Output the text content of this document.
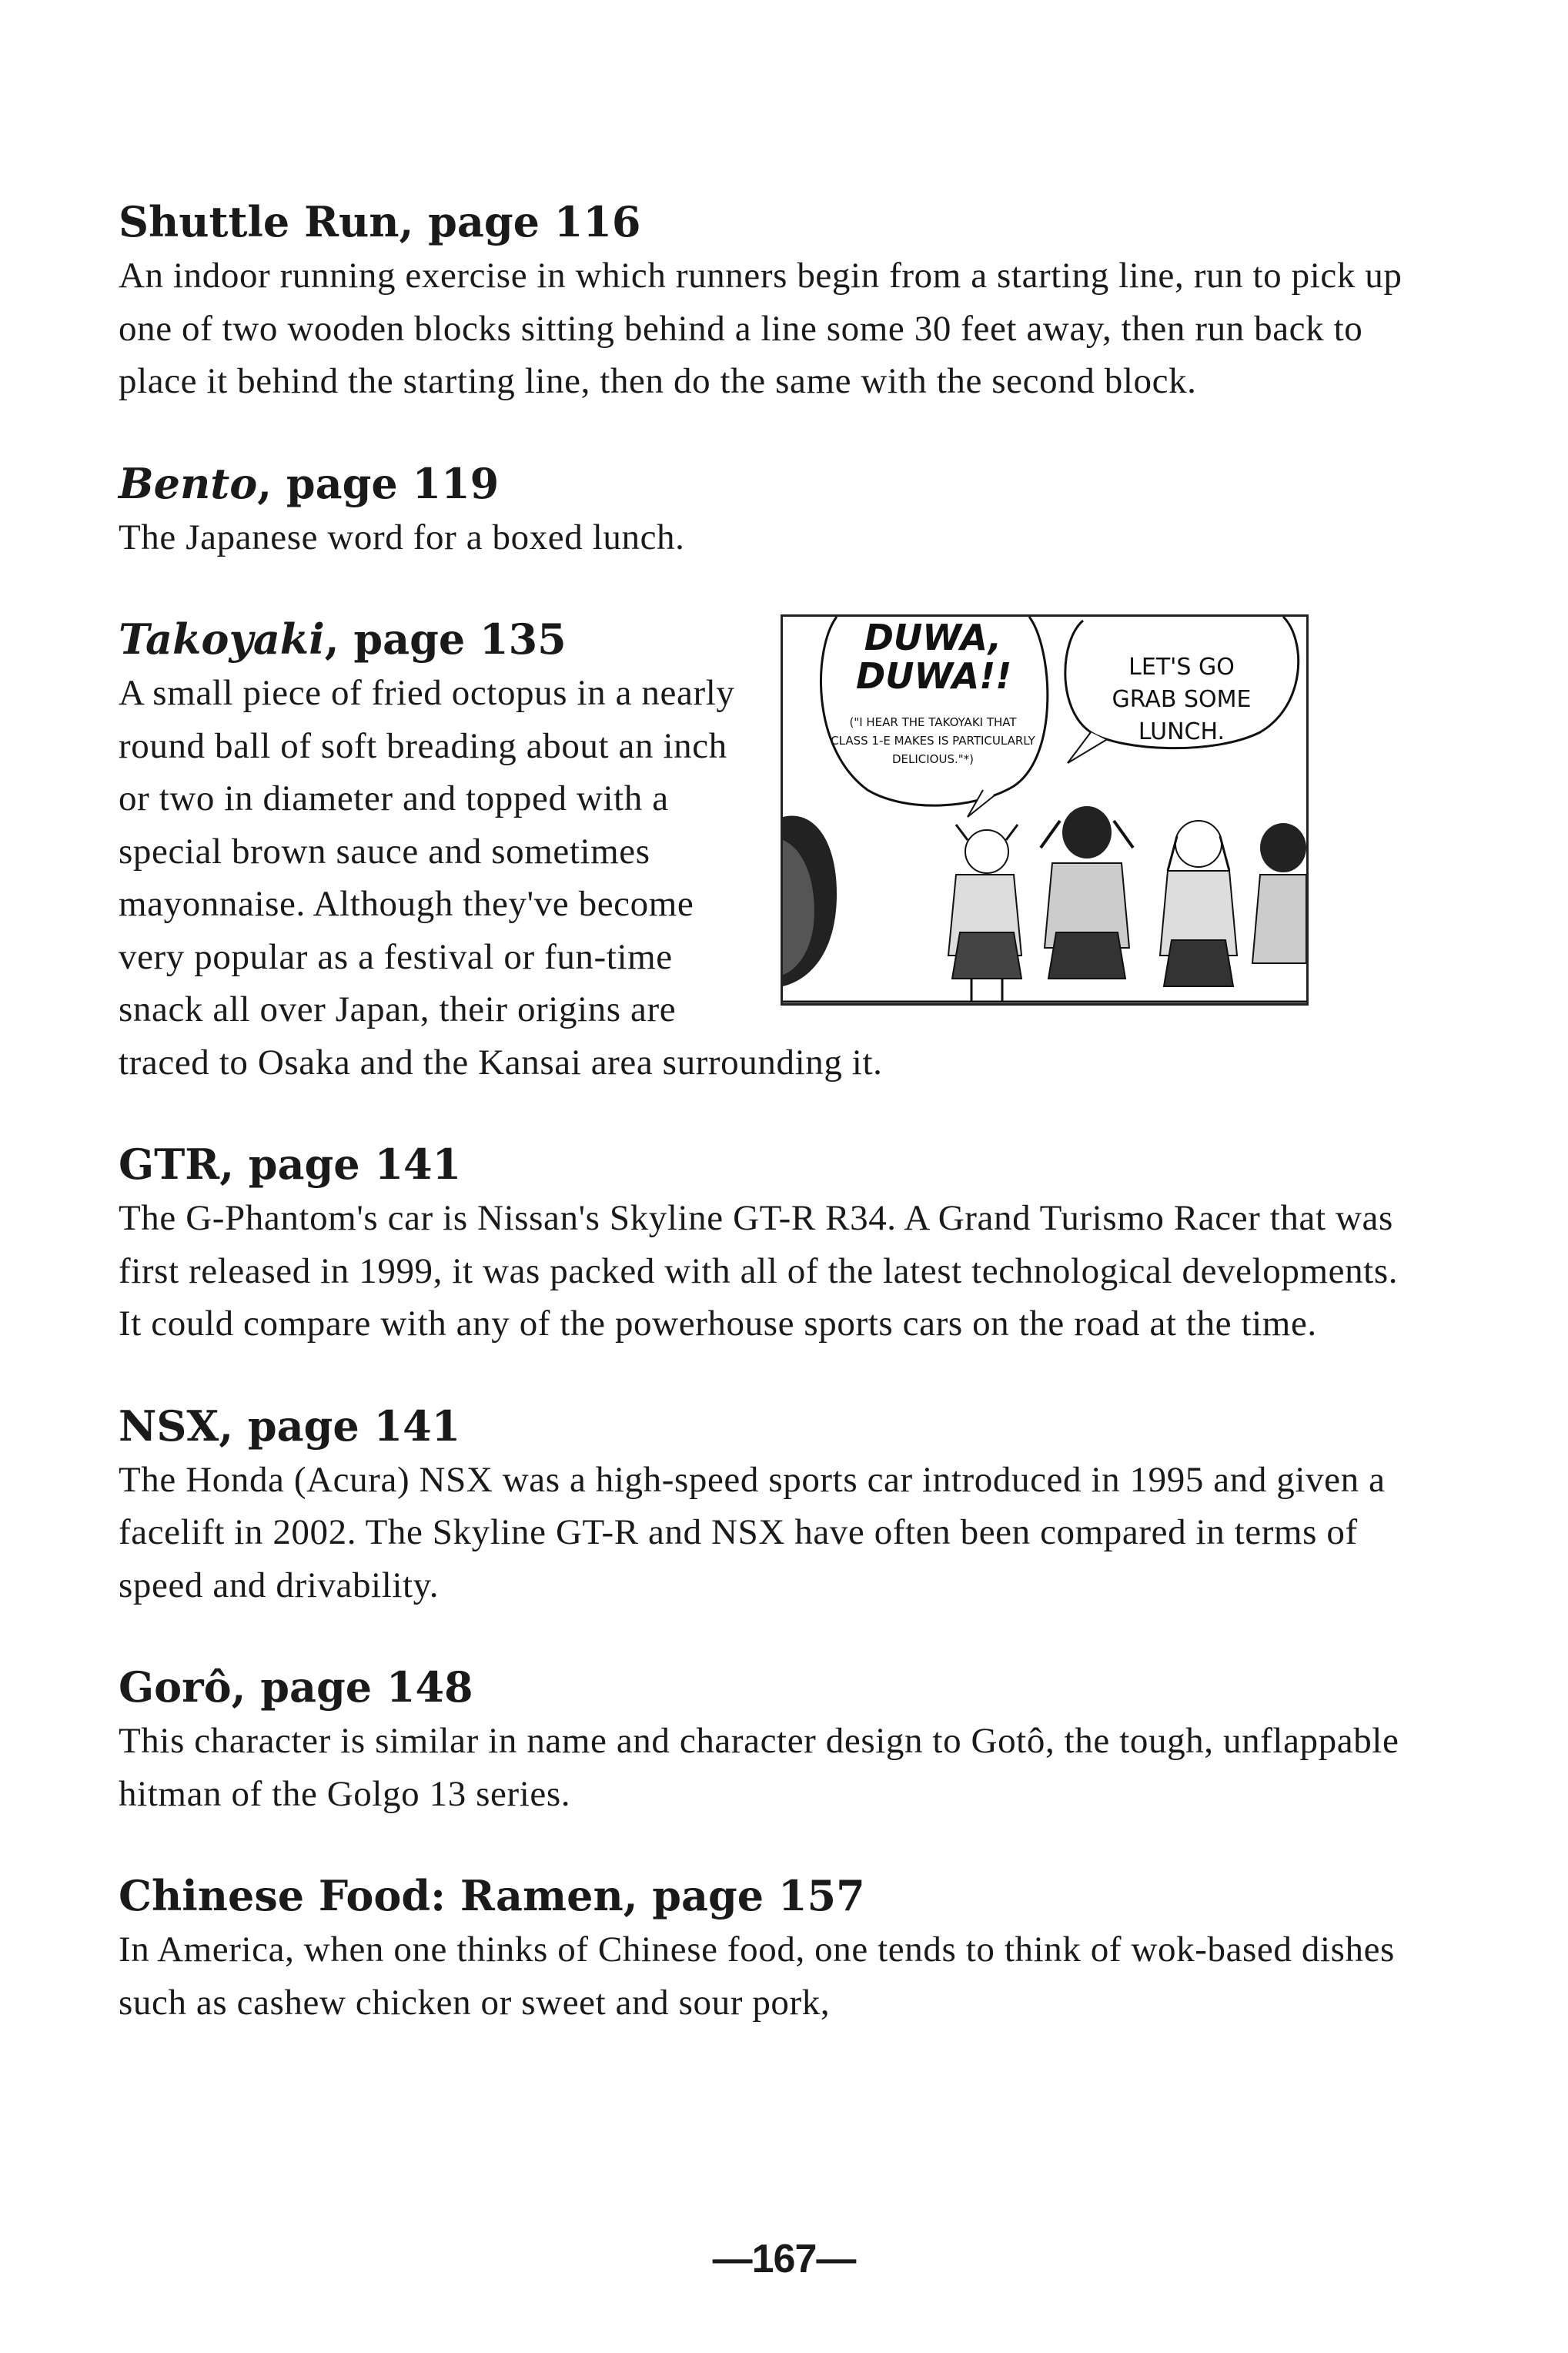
Shuttle Run, page 116

An indoor running exercise in which runners begin from a starting line, run to pick up one of two wooden blocks sitting behind a line some 30 feet away, then run back to place it behind the starting line, then do the same with the second block.

Bento, page 119

The Japanese word for a boxed lunch.

DUWA, DUWA!!
("I HEAR THE TAKOYAKI THAT CLASS 1-E MAKES IS PARTICULARLY DELICIOUS."*)
LET'S GO GRAB SOME LUNCH.

Takoyaki, page 135

A small piece of fried octopus in a nearly round ball of soft breading about an inch or two in diameter and topped with a special brown sauce and sometimes mayonnaise. Although they've become very popular as a festival or fun-time snack all over Japan, their origins are traced to Osaka and the Kansai area surrounding it.

GTR, page 141

The G-Phantom's car is Nissan's Skyline GT-R R34. A Grand Turismo Racer that was first released in 1999, it was packed with all of the latest technological developments. It could compare with any of the powerhouse sports cars on the road at the time.

NSX, page 141

The Honda (Acura) NSX was a high-speed sports car introduced in 1995 and given a facelift in 2002. The Skyline GT-R and NSX have often been compared in terms of speed and drivability.

Gorô, page 148

This character is similar in name and character design to Gotô, the tough, unflappable hitman of the Golgo 13 series.

Chinese Food: Ramen, page 157

In America, when one thinks of Chinese food, one tends to think of wok-based dishes such as cashew chicken or sweet and sour pork,

—167—
